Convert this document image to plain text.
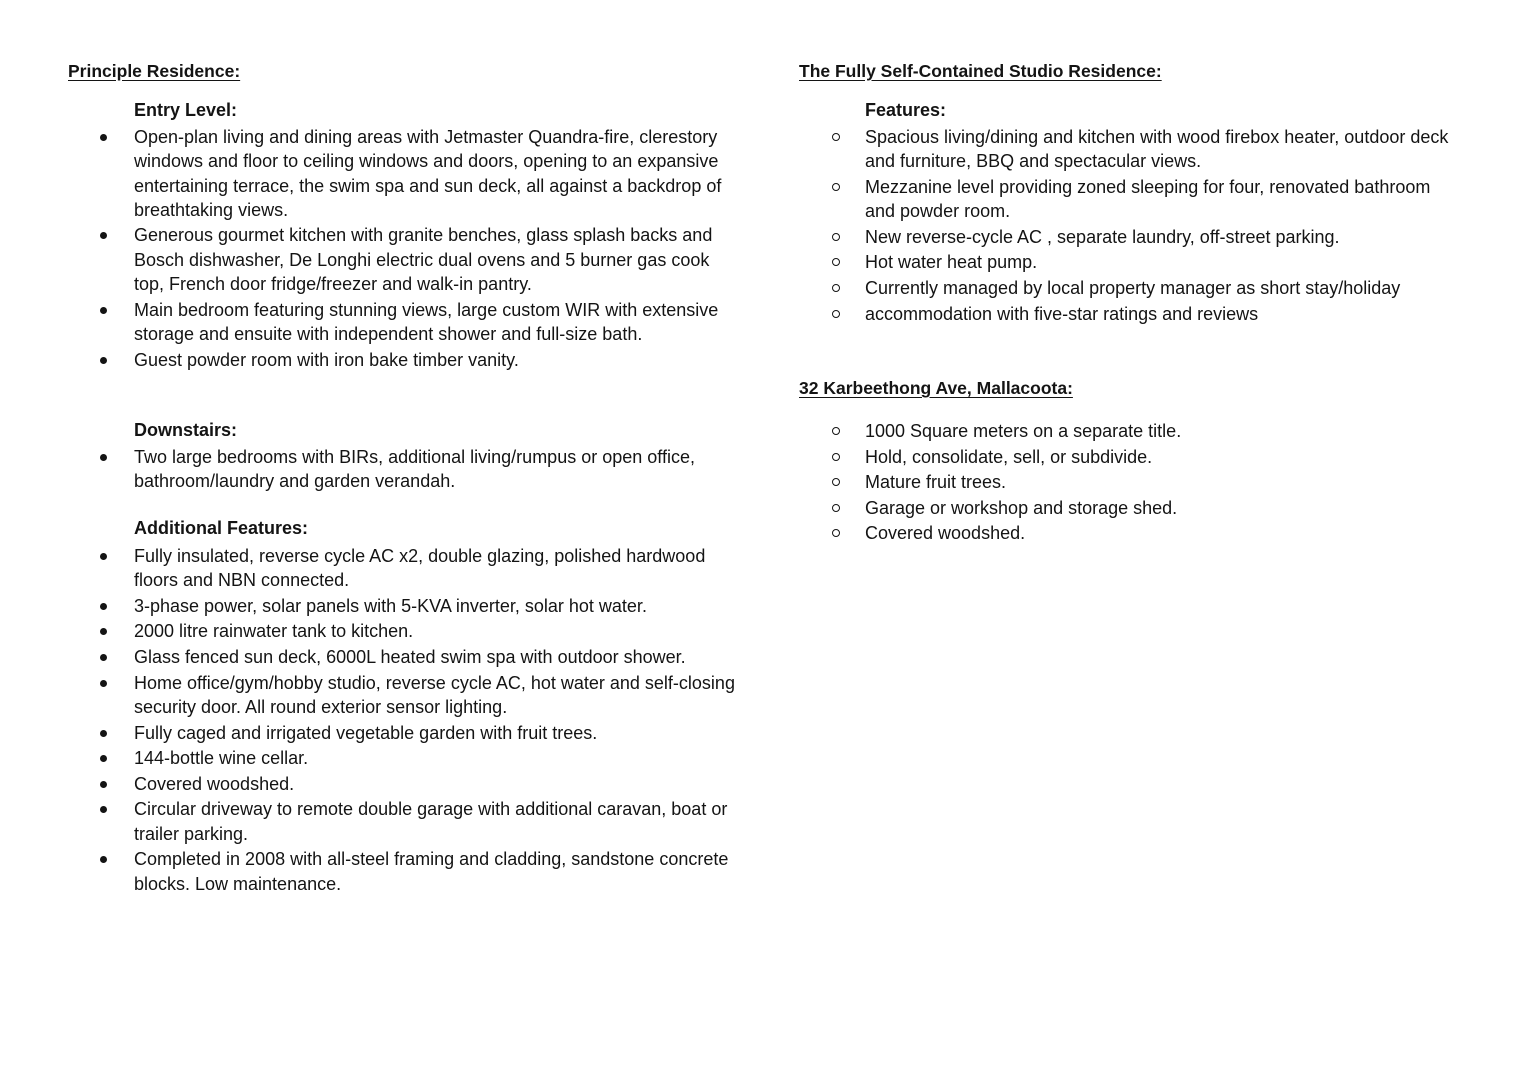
Principle Residence:
Entry Level:
Open-plan living and dining areas with Jetmaster Quandra-fire, clerestory windows and floor to ceiling windows and doors, opening to an expansive entertaining terrace, the swim spa and sun deck, all against a backdrop of breathtaking views.
Generous gourmet kitchen with granite benches, glass splash backs and Bosch dishwasher, De Longhi electric dual ovens and 5 burner gas cook top, French door fridge/freezer and walk-in pantry.
Main bedroom featuring stunning views, large custom WIR with extensive storage and ensuite with independent shower and full-size bath.
Guest powder room with iron bake timber vanity.
Downstairs:
Two large bedrooms with BIRs, additional living/rumpus or open office, bathroom/laundry and garden verandah.
Additional Features:
Fully insulated, reverse cycle AC x2, double glazing, polished hardwood floors and NBN connected.
3-phase power, solar panels with 5-KVA inverter, solar hot water.
2000 litre rainwater tank to kitchen.
Glass fenced sun deck, 6000L heated swim spa with outdoor shower.
Home office/gym/hobby studio, reverse cycle AC, hot water and self-closing security door. All round exterior sensor lighting.
Fully caged and irrigated vegetable garden with fruit trees.
144-bottle wine cellar.
Covered woodshed.
Circular driveway to remote double garage with additional caravan, boat or trailer parking.
Completed in 2008 with all-steel framing and cladding, sandstone concrete blocks. Low maintenance.
The Fully Self-Contained Studio Residence:
Features:
Spacious living/dining and kitchen with wood firebox heater, outdoor deck and furniture, BBQ and spectacular views.
Mezzanine level providing zoned sleeping for four, renovated bathroom and powder room.
New reverse-cycle AC , separate laundry, off-street parking.
Hot water heat pump.
Currently managed by local property manager as short stay/holiday
accommodation with five-star ratings and reviews
32 Karbeethong Ave, Mallacoota:
1000 Square meters on a separate title.
Hold, consolidate, sell, or subdivide.
Mature fruit trees.
Garage or workshop and storage shed.
Covered woodshed.
